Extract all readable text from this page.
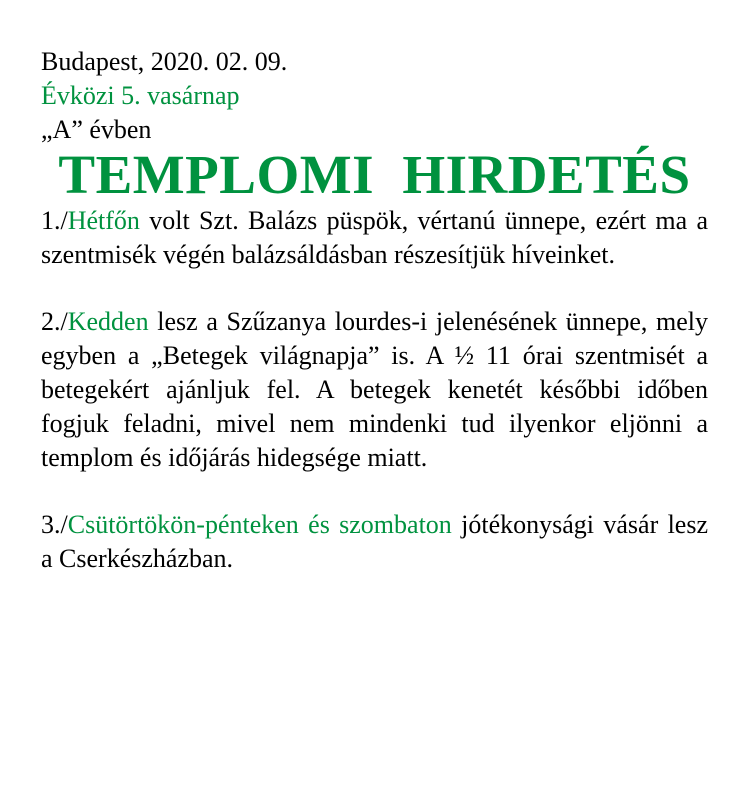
Budapest, 2020. 02. 09.
Évközi 5. vasárnap
„A” évben
TEMPLOMI HIRDETÉS

1./Hétfőn volt Szt. Balázs püspök, vértanú ünnepe, ezért ma a szentmisék végén balázsáldásban részesítjük híveinket.

2./Kedden lesz a Szűzanya lourdes-i jelenésének ünnepe, mely egyben a „Betegek világnapja” is. A ½ 11 órai szentmisét a betegekért ajánljuk fel. A betegek kenetét későbbi időben fogjuk feladni, mivel nem mindenki tud ilyenkor eljönni a templom és időjárás hidegsége miatt.

3./Csütörtökön-pénteken és szombaton jótékonysági vásár lesz a Cserkészházban.
